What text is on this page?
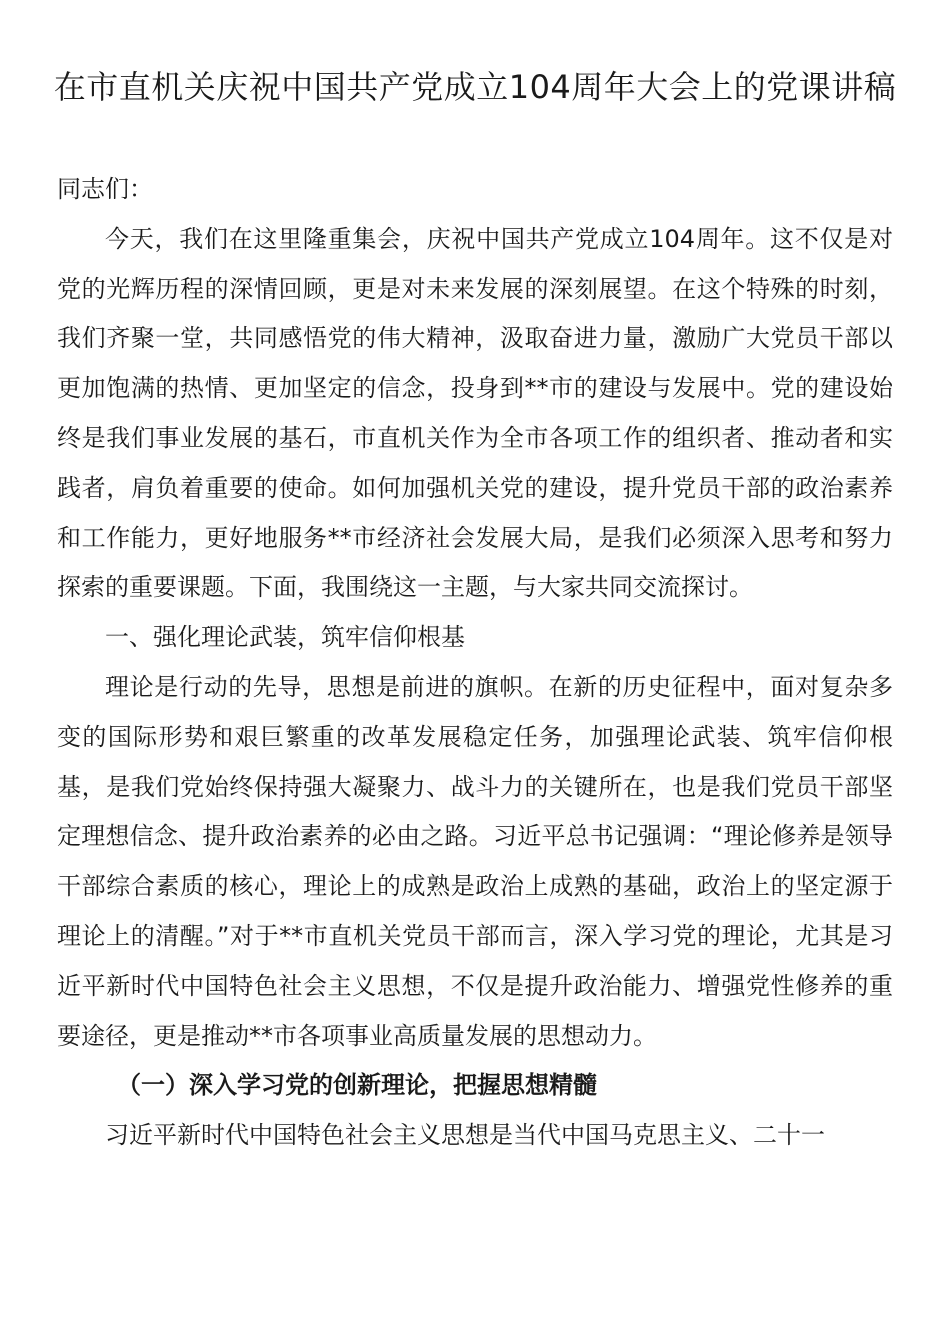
在市直机关庆祝中国共产党成立104周年大会上的党课讲稿

同志们：

今天，我们在这里隆重集会，庆祝中国共产党成立104周年。这不仅是对党的光辉历程的深情回顾，更是对未来发展的深刻展望。在这个特殊的时刻，我们齐聚一堂，共同感悟党的伟大精神，汲取奋进力量，激励广大党员干部以更加饱满的热情、更加坚定的信念，投身到**市的建设与发展中。党的建设始终是我们事业发展的基石，市直机关作为全市各项工作的组织者、推动者和实践者，肩负着重要的使命。如何加强机关党的建设，提升党员干部的政治素养和工作能力，更好地服务**市经济社会发展大局，是我们必须深入思考和努力探索的重要课题。下面，我围绕这一主题，与大家共同交流探讨。

一、强化理论武装，筑牢信仰根基

理论是行动的先导，思想是前进的旗帜。在新的历史征程中，面对复杂多变的国际形势和艰巨繁重的改革发展稳定任务，加强理论武装、筑牢信仰根基，是我们党始终保持强大凝聚力、战斗力的关键所在，也是我们党员干部坚定理想信念、提升政治素养的必由之路。习近平总书记强调：“理论修养是领导干部综合素质的核心，理论上的成熟是政治上成熟的基础，政治上的坚定源于理论上的清醒。”对于**市直机关党员干部而言，深入学习党的理论，尤其是习近平新时代中国特色社会主义思想，不仅是提升政治能力、增强党性修养的重要途径，更是推动**市各项事业高质量发展的思想动力。

（一）深入学习党的创新理论，把握思想精髓

习近平新时代中国特色社会主义思想是当代中国马克思主义、二十一
